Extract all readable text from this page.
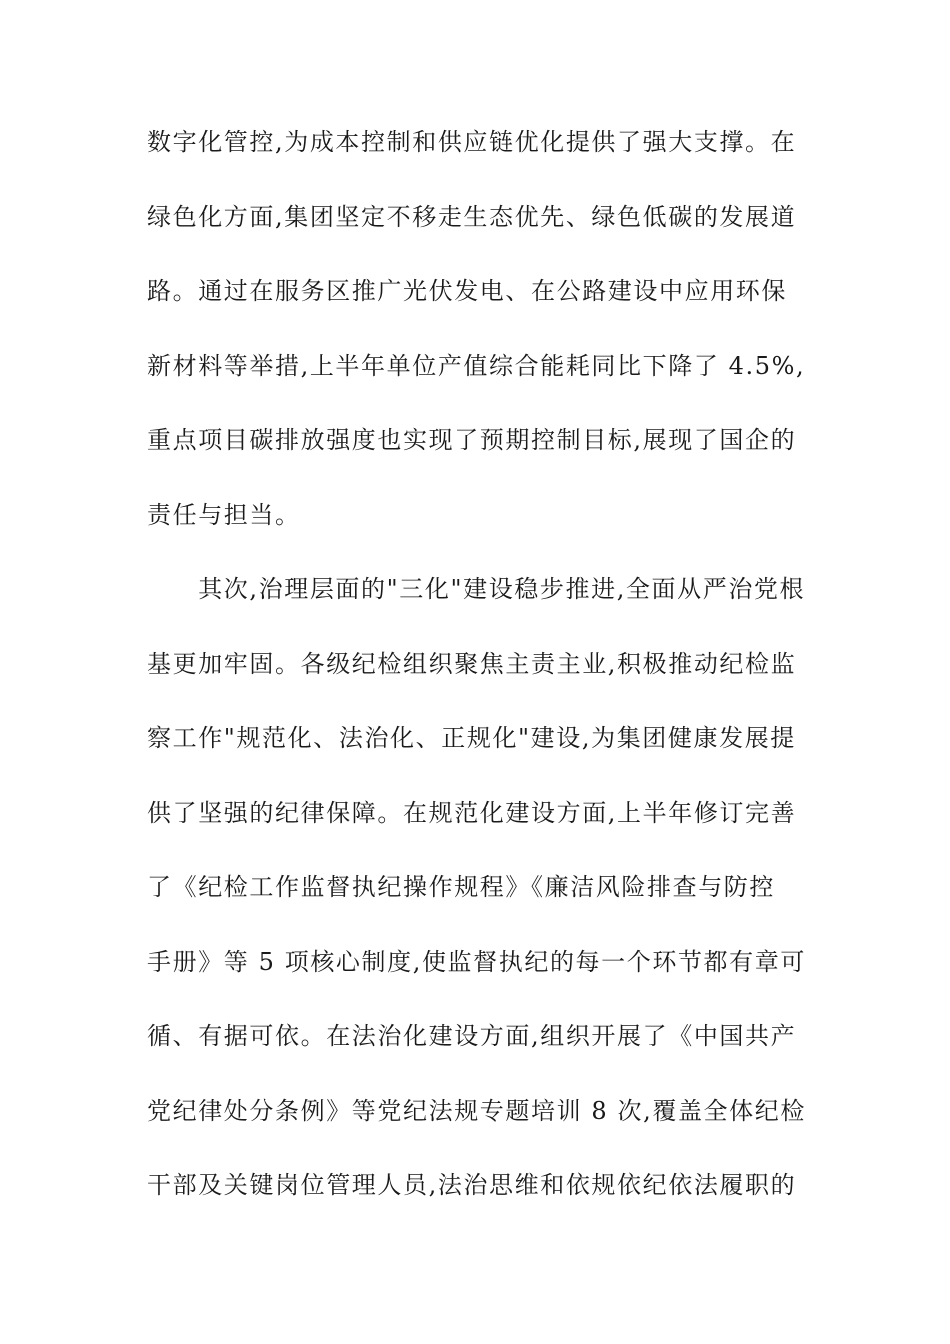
数字化管控,为成本控制和供应链优化提供了强大支撑。在
绿色化方面,集团坚定不移走生态优先、绿色低碳的发展道
路。通过在服务区推广光伏发电、在公路建设中应用环保
新材料等举措,上半年单位产值综合能耗同比下降了 4.5%,
重点项目碳排放强度也实现了预期控制目标,展现了国企的
责任与担当。
　　其次,治理层面的"三化"建设稳步推进,全面从严治党根
基更加牢固。各级纪检组织聚焦主责主业,积极推动纪检监
察工作"规范化、法治化、正规化"建设,为集团健康发展提
供了坚强的纪律保障。在规范化建设方面,上半年修订完善
了《纪检工作监督执纪操作规程》《廉洁风险排查与防控
手册》等 5 项核心制度,使监督执纪的每一个环节都有章可
循、有据可依。在法治化建设方面,组织开展了《中国共产
党纪律处分条例》等党纪法规专题培训 8 次,覆盖全体纪检
干部及关键岗位管理人员,法治思维和依规依纪依法履职的
